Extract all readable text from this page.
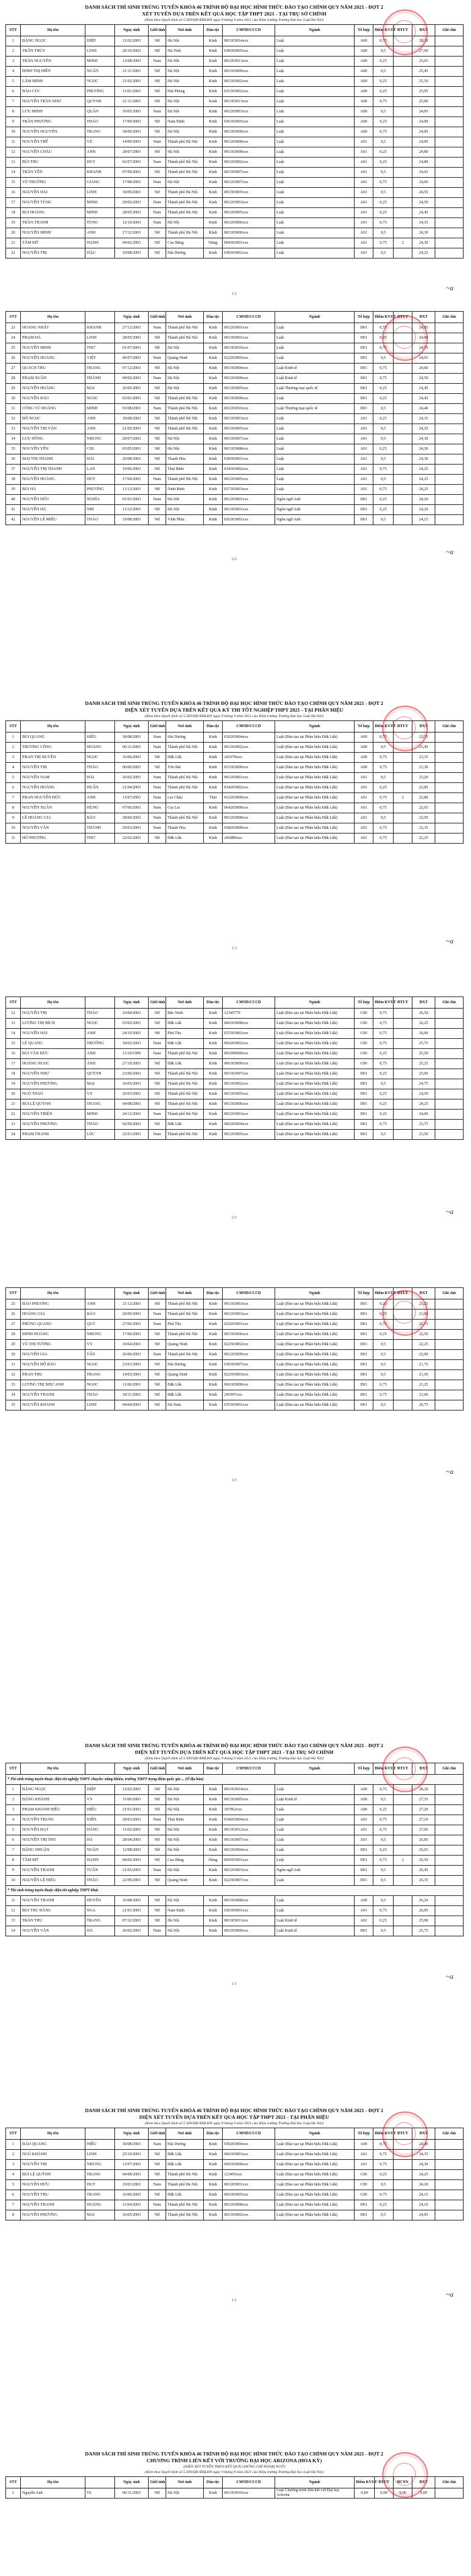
DANH SÁCH THÍ SINH TRÚNG TUYỂN KHÓA 46 TRÌNH ĐỘ ĐẠI HỌC HÌNH THỨC ĐÀO TẠO CHÍNH QUY NĂM 2021 - ĐỢT 2

XÉT TUYỂN DỰA TRÊN KẾT QUẢ HỌC TẬP THPT 2021 - TẠI TRỤ SỞ CHÍNH

(Kèm theo Quyết định số 5.569/QĐ-ĐHLHN ngày 9 tháng 9 năm 2021 của Hiệu trưởng Trường Đại học Luật Hà Nội)

STT	Họ tên		Ngày sinh	Giới tính	Nơi sinh	Dân tộc	CMND/CCCD	Ngành	Tổ hợp	Điểm KVUT	ĐTUT	ĐXT	Ghi chú
1	ĐẶNG NGỌC	DIỆP	12/02/2003	Nữ	Hà Nội	Kinh	001303014xxx	Luật	A00	0,75		28,20	
2	TRẦN THÙY	LINH	26/10/2003	Nữ	Hà Tĩnh	Kinh	038303005xxx	Luật	A00	0,5		27,60	
3	TRẦN NGUYÊN	MINH	13/08/2003	Nam	Hà Nội	Kinh	001203013xxx	Luật	A00	0,25		25,65	
4	ĐINH THỊ HIỀN	NGÂN	21/11/2003	Nữ	Hà Nội	Kinh	001303009xxx	Luật	A00	0,5		25,45	
5	LÂM MINH	NGỌC	21/02/2003	Nữ	Hà Nội	Kinh	001303002xxx	Luật	A00	0,25		25,10	
6	ĐÀO CÚC	PHƯƠNG	11/01/2003	Nữ	Hải Phòng	Kinh	031303002xxx	Luật	A00	0,25		25,05	
7	NGUYỄN TRẦN NHƯ	QUỲNH	21/11/2003	Nữ	Hà Nội	Kinh	001303013xxx	Luật	A00	0,75		25,00	
8	LƯU MINH	QUÂN	10/05/2003	Nam	Hà Nội	Kinh	001203003xxx	Luật	A00	0,5		24,95	
9	TRẦN PHƯƠNG	THẢO	17/09/2003	Nữ	Nam Định	Kinh	036303005xxx	Luật	A00	0,25		24,90	
10	NGUYỄN NGUYÊN	TRANG	18/06/2003	Nữ	Hà Nội	Kinh	001303000xxx	Luật	A00	0,75		24,85	
11	NGUYỄN THẾ	VŨ	14/09/2003	Nam	Thành phố Hà Nội	Kinh	001203008xxx	Luật	A01	0,5		24,85	
12	NGUYỄN CHÂU	ANH	28/07/2003	Nữ	Hà Nội	Kinh	001303008xxx	Luật	A01	0,25		24,80	
13	BÙI THU	DUY	02/07/2003	Nam	Thành phố Hà Nội	Kinh	001203002xxx	Luật	A01	0,25		24,80	
14	TRẦN YẾN	KHANH	07/09/2003	Nữ	Thành phố Hà Nội	Kinh	001303007xxx	Luật	A01	0,5		24,65	
15	VŨ TRƯỜNG	GIANG	17/08/2003	Nam	Hà Nội	Kinh	001203007xxx	Luật	A01	0,75		24,60	
16	NGUYỄN HẢI	LINH	18/09/2003	Nữ	Thành phố Hà Nội	Kinh	001303005xxx	Luật	A01	0,5		24,55	
17	NGUYỄN TÙNG	MINH	28/02/2003	Nam	Thành phố Hà Nội	Kinh	001203003xxx	Luật	A01	0,25		24,50	
18	BÙI HOÀNG	MINH	28/05/2003	Nam	Thành phố Hà Nội	Kinh	001203005xxx	Luật	A01	0,25		24,45	
19	TRẦN THANH	TÙNG	12/10/2003	Nam	Hà Nội	Kinh	001203006xxx	Luật	A01	0,75		24,35	
20	NGUYỄN MINH	ANH	17/12/2003	Nữ	Thành phố Hà Nội	Kinh	001303000xxx	Luật	A01	0,5		24,30	
21	TÂM MỸ	HẠNH	04/02/2003	Nữ	Cao Bằng	Nùng	004303001xxx	Luật	A01	0,75	2	24,30	
22	NGUYỄN THỊ	HẬU	10/08/2003	Nữ	Hải Dương	Kinh	030303002xxx	Luật	A01	0,5		24,25	
~a
1/2
STT	Họ tên		Ngày sinh	Giới tính	Nơi sinh	Dân tộc	CMND/CCCD	Ngành	Tổ hợp	Điểm KVUT	ĐTUT	ĐXT	Ghi chú
23	HOÀNG NHẬT	KHÁNH	27/12/2003	Nam	Thành phố Hà Nội	Kinh	001203001xxx	Luật	D01	0,75		24,95	
24	PHẠM HÀ	LINH	28/05/2003	Nữ	Thành phố Hà Nội	Kinh	001303001xxx	Luật	D01	0,25		24,90	
25	NGUYỄN MINH	THƯ	01/07/2003	Nữ	Hà Nội	Kinh	001303010xxx	Luật	D01	0,75		24,70	
26	NGUYỄN HOÀNG	VIỆT	06/07/2003	Nam	Quảng Ninh	Kinh	022203005xxx	Luật	D01	0,5		24,65	
27	QUÁCH THU	TRANG	07/12/2003	Nữ	Hà Nội	Kinh	001303004xxx	Luật Kinh tế	D01	0,75		24,60	
28	PHẠM XUÂN	THÀNH	09/02/2003	Nam	Hà Nội	Kinh	001203009xxx	Luật Kinh tế	D01	0,75		24,50	
29	NGUYỄN HOÀNG	MAI	26/05/2003	Nữ	Hà Nội	Kinh	001303005xxx	Luật Thương mại quốc tế	D01	0,25		24,45	
30	NGUYỄN BẢO	NGỌC	03/01/2003	Nữ	Thành phố Hà Nội	Kinh	001303000xxx	Luật	D01	0,25		24,45	
31	CÔNG VŨ HOÀNG	MINH	03/08/2003	Nam	Thành phố Hà Nội	Kinh	001203010xxx	Luật Thương mại quốc tế	D01	0,5		24,40	
32	ĐỖ NGỌC	ANH	18/08/2003	Nữ	Thành phố Hà Nội	Kinh	001303003xxx	Luật	A01	0,25		24,35	
33	NGUYỄN THỊ VÂN	ANH	21/05/2003	Nữ	Thành phố Hà Nội	Kinh	001303005xxx	Luật	A01	0,5		24,35	
34	LƯU HỒNG	NHUNG	29/07/2003	Nữ	Hà Nội	Kinh	001303007xxx	Luật	A01	0,5		24,30	
35	NGUYỄN YẾN	CHI	03/05/2003	Nữ	Hà Nội	Kinh	001303008xxx	Luật	A01	0,25		24,30	
36	MAI THỊ THANH	HẢI	20/08/2003	Nữ	Thanh Hóa	Kinh	038303001xxx	Luật	A01	0,5		24,30	
37	NGUYỄN THỊ THANH	LAN	19/06/2003	Nữ	Thái Bình	Kinh	034303002xxx	Luật	A01	0,75		24,25	
38	NGUYỄN HOÀNG	HUY	17/04/2003	Nam	Thành phố Hà Nội	Kinh	001203005xxx	Luật	A01	0,5		24,25	
39	BÙI HÀ	PHƯƠNG	11/12/2003	Nữ	Ninh Bình	Kinh	037303003xxx	Luật	A01	0,75		24,25	
40	NGUYỄN HỮU	NGHĨA	01/01/2003	Nam	Hà Nội	Kinh	001203001xxx	Ngôn ngữ Anh	D01	0,25		24,20	
41	NGUYỄN HÀ	NHI	11/12/2003	Nữ	Hà Nội	Kinh	001303001xxx	Ngôn ngữ Anh	D01	0,25		24,20	
42	NGUYỄN LÊ MIỀU	THẢO	19/08/2003	Nữ	Vĩnh Phúc	Kinh	026303001xxx	Ngôn ngữ Anh	D01	0,5		24,15	
~a
2/2

DANH SÁCH THÍ SINH TRÚNG TUYỂN KHÓA 46 TRÌNH ĐỘ ĐẠI HỌC HÌNH THỨC ĐÀO TẠO CHÍNH QUY NĂM 2021 - ĐỢT 2

DIỆN XÉT TUYỂN DỰA TRÊN KẾT QUẢ KỲ THI TỐT NGHIỆP THPT 2021 - TẠI PHÂN HIỆU

(Kèm theo Quyết định số 5.569/QĐ-ĐHLHN ngày 9 tháng 9 năm 2021 của Hiệu trưởng Trường Đại học Luật Hà Nội)

STT	Họ tên		Ngày sinh	Giới tính	Nơi sinh	Dân tộc	CMND/CCCD	Ngành	Tổ hợp	Điểm KVUT	ĐTUT	ĐXT	Ghi chú
1	BÙI QUANG	HIỂU	30/08/2003	Nam	Hải Dương	Kinh	030203004xxx	Luật (Đào tạo tại Phân hiệu Đắk Lắk)	A00	0,75		23,55	
2	TRƯƠNG CÔNG	HOÀNG	06/11/2003	Nam	Thành phố Hà Nội	Kinh	001203002xxx	Luật (Đào tạo tại Phân hiệu Đắk Lắk)	A00	0,5		23,45	
3	PHAN THỊ HUYỀN	NGỌC	16/06/2003	Nữ	Đắk Lắk	Kinh	241978xxx	Luật (Đào tạo tại Phân hiệu Đắk Lắk)	A00	0,75		23,35	
4	NGUYỄN THỊ	THẢO	06/06/2003	Nữ	Yên Bái	Kinh	015303000xxx	Luật (Đào tạo tại Phân hiệu Đắk Lắk)	A00	0,75		23,30	
5	NGUYỄN NAM	HẢI	26/02/2003	Nam	Thành phố Hà Nội	Kinh	001203001xxx	Luật (Đào tạo tại Phân hiệu Đắk Lắk)	A01	0,5		23,20	
6	NGUYỄN HOÀNG	HUẤN	21/04/2003	Nam	Thành phố Hà Nội	Kinh	034203002xxx	Luật (Đào tạo tại Phân hiệu Đắk Lắk)	A01	0,25		22,85	
7	PHAN NGUYỄN ĐỨC	ANH	13/07/2003	Nam	Lai Châu	Thái	012203000xxx	Luật (Đào tạo tại Phân hiệu Đắk Lắk)	A01	0,75	2	22,80	
8	NGUYỄN XUÂN	HÙNG	07/06/2003	Nam	Gia Lai	Kinh	064203000xxx	Luật (Đào tạo tại Phân hiệu Đắk Lắk)	A01	0,75		22,65	
9	LÊ HOÀNG GIA	BẢO	28/04/2003	Nam	Thành phố Hà Nội	Kinh	001203008xxx	Luật (Đào tạo tại Phân hiệu Đắk Lắk)	A01	0,5		22,50	
10	NGUYỄN VĂN	THÀNH	29/03/2003	Nam	Thanh Hóa	Kinh	038203009xxx	Luật (Đào tạo tại Phân hiệu Đắk Lắk)	A01	0,75		22,35	
11	HỒ PHƯƠNG	THƯ	22/02/2003	Nữ	Đắk Lắk	Kinh	241889xxx	Luật (Đào tạo tại Phân hiệu Đắk Lắk)	A01	0,75		22,25	
~a
1/3
STT	Họ tên		Ngày sinh	Giới tính	Nơi sinh	Dân tộc	CMND/CCCD	Ngành	Tổ hợp	Điểm KVUT	ĐTUT	ĐXT	Ghi chú
12	NGUYỄN THỊ	THẢO	16/04/2003	Nữ	Bắc Ninh	Kinh	12345779	Luật (Đào tạo tại Phân hiệu Đắk Lắk)	C00	0,75		26,50	
13	LƯƠNG THỊ BÍCH	NGỌC	03/02/2003	Nữ	Đắk Lắk	Kinh	066303008xxx	Luật (Đào tạo tại Phân hiệu Đắk Lắk)	C00	0,75		26,25	
14	NGUYỄN HẢI	ANH	24/10/2003	Nữ	Phú Thọ	Kinh	025303002xxx	Luật (Đào tạo tại Phân hiệu Đắk Lắk)	C00	0,75		26,00	
15	LÊ QUANG	TRƯỜNG	18/02/2003	Nam	Đắk Lắk	Kinh	066203002xxx	Luật (Đào tạo tại Phân hiệu Đắk Lắk)	C00	0,75		25,75	
16	BÙI VĂN ĐỨC	ANH	13/10/1999	Nam	Thành phố Hà Nội	Kinh	001099009xxx	Luật (Đào tạo tại Phân hiệu Đắk Lắk)	C00	0,25		25,50	
17	HOÀNG NGỌC	ÁNH	27/10/2003	Nữ	Đắk Lắk	Kinh	066303000xxx	Luật (Đào tạo tại Phân hiệu Đắk Lắk)	C00	0,75		25,25	
18	NGUYỄN NHƯ	QUỲNH	23/06/2003	Nữ	Thành phố Hà Nội	Kinh	001303007xxx	Luật (Đào tạo tại Phân hiệu Đắk Lắk)	D01	0,25		25,00	
19	NGUYỄN PHƯƠNG	MAI	16/05/2003	Nữ	Thành phố Hà Nội	Kinh	001303002xxx	Luật (Đào tạo tại Phân hiệu Đắk Lắk)	D01	0,5		24,75	
20	NGÔ THẢO	VY	20/03/2003	Nữ	Thành phố Hà Nội	Kinh	001303005xxx	Luật (Đào tạo tại Phân hiệu Đắk Lắk)	D01	0,25		24,50	
21	BÙI LỆ QUỲNH	TRANG	04/08/2003	Nữ	Thành phố Hà Nội	Kinh	001303006xxx	Luật (Đào tạo tại Phân hiệu Đắk Lắk)	D01	0,25		24,25	
22	NGUYỄN THIỆN	MINH	24/12/2003	Nam	Thành phố Hà Nội	Kinh	001203003xxx	Luật (Đào tạo tại Phân hiệu Đắk Lắk)	D01	0,25		24,00	
23	NGUYỄN PHƯƠNG	THẢO	02/09/2003	Nữ	Đắk Lắk	Kinh	066303004xxx	Luật (Đào tạo tại Phân hiệu Đắk Lắk)	D01	0,75		23,75	
24	PHẠM THANH	LỘC	22/01/2003	Nam	Thành phố Hà Nội	Kinh	001203005xxx	Luật (Đào tạo tại Phân hiệu Đắk Lắk)	D01	0,5		23,50	
~a
2/3
STT	Họ tên		Ngày sinh	Giới tính	Nơi sinh	Dân tộc	CMND/CCCD	Ngành	Tổ hợp	Điểm KVUT	ĐTUT	ĐXT	Ghi chú
25	ĐÀO PHƯƠNG	ANH	21/12/2003	Nữ	Thành phố Hà Nội	Kinh	001303003xxx	Luật (Đào tạo tại Phân hiệu Đắk Lắk)	D01	0,25		23,25	
26	HOÀNG GIA	BẢO	29/09/2003	Nam	Thành phố Hà Nội	Kinh	001203003xxx	Luật (Đào tạo tại Phân hiệu Đắk Lắk)	D01	0,25		23,00	
27	PHÙNG QUANG	QUÝ	27/06/2003	Nam	Phú Thọ	Kinh	025203001xxx	Luật (Đào tạo tại Phân hiệu Đắk Lắk)	D01	0,75		22,75	
28	MINH HOÀNG	NHUNG	17/06/2003	Nữ	Thành phố Hà Nội	Kinh	001303006xxx	Luật (Đào tạo tại Phân hiệu Đắk Lắk)	D01	0,25		22,50	
29	VŨ THỊ TƯỜNG	VY	10/04/2003	Nữ	Quảng Ninh	Kinh	022303002xxx	Luật (Đào tạo tại Phân hiệu Đắk Lắk)	D01	0,5		22,25	
30	NGUYỄN GIA	TẤN	26/06/2003	Nam	Thành phố Hà Nội	Kinh	001203009xxx	Luật (Đào tạo tại Phân hiệu Đắk Lắk)	D01	0,5		22,00	
31	NGUYỄN ĐỖ BẢO	NGỌC	23/01/2003	Nữ	Hải Dương	Kinh	030303007xxx	Luật (Đào tạo tại Phân hiệu Đắk Lắk)	D01	0,5		21,75	
32	PHAN THU	TRANG	14/03/2003	Nữ	Quảng Ninh	Kinh	022303003xxx	Luật (Đào tạo tại Phân hiệu Đắk Lắk)	D01	0,5		21,50	
33	LƯƠNG THỊ NHƯ ANH	NGỌC	11/06/2003	Nữ	Đắk Lắk	Kinh	066303008xxx	Luật (Đào tạo tại Phân hiệu Đắk Lắk)	D01	0,75		21,25	
34	NGUYỄN THANH	THẢO	18/11/2003	Nữ	Đắk Lắk	Kinh	241997xxx	Luật (Đào tạo tại Phân hiệu Đắk Lắk)	D01	0,75		21,00	
35	NGUYỄN KHÁNH	LINH	04/04/2003	Nữ	Hà Nam	Kinh	035303001xxx	Luật (Đào tạo tại Phân hiệu Đắk Lắk)	D01	0,5		20,75	
~a
3/3

DANH SÁCH THÍ SINH TRÚNG TUYỂN KHÓA 46 TRÌNH ĐỘ ĐẠI HỌC HÌNH THỨC ĐÀO TẠO CHÍNH QUY NĂM 2021 - ĐỢT 2

DIỆN XÉT TUYỂN DỰA TRÊN KẾT QUẢ HỌC TẬP THPT 2021 - TẠI TRỤ SỞ CHÍNH

(Kèm theo Quyết định số 5.569/QĐ-ĐHLHN ngày 9 tháng 9 năm 2021 của Hiệu trưởng Trường Đại học Luật Hà Nội)

STT	Họ tên		Ngày sinh	Giới tính	Nơi sinh	Dân tộc	CMND/CCCD	Ngành	Tổ hợp	Điểm KVUT	ĐTUT	ĐXT	Ghi chú
* Thí sinh trúng tuyển thuộc diện tốt nghiệp THPT chuyên/ năng khiếu, trường THPT trọng điểm quốc gia ... (Ở địa bàn)													
1	ĐẶNG NGỌC	DIỆP	12/02/2003	Nữ	Hà Nội	Kinh	001303014xxx	Luật	A00	0,75		28,20	
2	ĐẶNG KHÁNH	VY	15/06/2003	Nữ	Hà Nội	Kinh	001303005xxx	Luật Kinh tế	A00	0,5		27,55	
3	PHẠM KHÁNH HIỀU	HIẾU	21/01/2003	Nữ	Hà Nội	Kinh	187962xxx	Luật	A00	0,25		27,20	
4	NGUYỄN TRUNG	KIÊN	28/03/2003	Nam	Thái Bình	Kinh	034203004xxx	Luật	A01	0,75		27,10	
5	NGUYỄN ĐẠT	HẰNG	11/02/2003	Nữ	Hà Nội	Kinh	001303012xxx	Luật	A01	0,75		27,05	
6	NGUYỄN THỊ THU	HÀ	28/04/2003	Nữ	Hà Nội	Kinh	001303007xxx	Luật	A01	0,5		26,85	
7	ĐẶNG NHUẬN	NGÂN	12/08/2003	Nữ	Hà Nội	Kinh	001303004xxx	Luật	D01	0,25		26,65	
8	TÂM MỸ	HẠNH	04/02/2003	Nữ	Cao Bằng	Nùng	004303001xxx	Luật	D01	0,75	2	26,50	
9	NGUYỄN THANH	TUẤN	21/05/2003	Nam	Hà Nội	Kinh	001203003xxx	Ngôn ngữ Anh	D01	0,5		26,45	
10	NGUYỄN LỆ HIỀU	THẢO	22/09/2003	Nữ	Quảng Ninh	Kinh	022303007xxx	Luật	D01	0,5		26,35	
* Thí sinh trúng tuyển thuộc diện tốt nghiệp THPT khác													
11	NGUYỄN THANH	HUYỀN	16/08/2003	Nữ	Hà Nội	Kinh	001303008xxx	Luật	A00	0,5		26,20	
12	BÙI THU HẰNG	NGA	21/01/2003	Nữ	Nam Định	Kinh	036303001xxx	Luật	A01	0,75		26,05	
13	TRẦN THU	TRANG	07/12/2003	Nữ	Hà Nội	Kinh	001303011xxx	Luật Kinh tế	A01	0,25		25,90	
14	NGUYỄN VĂN	HÀ	26/02/2003	Nam	Hà Nội	Kinh	001203000xxx	Luật Kinh tế	D01	0,5		25,75	
~a
1/1

DANH SÁCH THÍ SINH TRÚNG TUYỂN KHÓA 46 TRÌNH ĐỘ ĐẠI HỌC HÌNH THỨC ĐÀO TẠO CHÍNH QUY NĂM 2021 - ĐỢT 2

DIỆN XÉT TUYỂN DỰA TRÊN KẾT QUẢ HỌC TẬP THPT 2021 - TẠI PHÂN HIỆU

(Kèm theo Quyết định số 5.569/QĐ-ĐHLHN ngày 9 tháng 9 năm 2021 của Hiệu trưởng Trường Đại học Luật Hà Nội)

STT	Họ tên		Ngày sinh	Giới tính	Nơi sinh	Dân tộc	CMND/CCCD	Ngành	Tổ hợp	Điểm KVUT	ĐTUT	ĐXT	Ghi chú
1	ĐÀO QUANG	HIẾU	30/08/2003	Nam	Hải Dương	Kinh	030203004xxx	Luật (Đào tạo tại Phân hiệu Đắk Lắk)	A00	0,75		24,40	
2	NGÔ KHÁNH	LINH	25/10/2003	Nữ	Đắk Lắk	Kinh	066303003xxx	Luật (Đào tạo tại Phân hiệu Đắk Lắk)	A01	0,75		24,35	
3	NGUYỄN THỊ	NHUNG	12/07/2003	Nữ	Đắk Lắk	Kinh	066303000xxx	Luật (Đào tạo tại Phân hiệu Đắk Lắk)	A01	0,75		24,30	
4	BÙI LỆ QUỲNH	TRANG	04/08/2003	Nữ	Thành phố Hà Nội	Kinh	123456xxx	Luật (Đào tạo tại Phân hiệu Đắk Lắk)	C00	0,25		24,25	
5	NGUYỄN HỮU	DUY	19/03/2003	Nam	Thành phố Hà Nội	Kinh	001203001xxx	Luật (Đào tạo tại Phân hiệu Đắk Lắk)	C00	0,5		24,20	
6	NGUYỄN THU	TRANG	16/06/2003	Nữ	Đắk Lắk	Kinh	066303005xxx	Luật (Đào tạo tại Phân hiệu Đắk Lắk)	C00	0,75		24,15	
7	NGUYỄN THANH	HOÀNG	11/04/2003	Nam	Thành phố Hà Nội	Kinh	001203008xxx	Luật (Đào tạo tại Phân hiệu Đắk Lắk)	D01	0,25		24,10	
8	NGUYỄN PHƯƠNG	MAI	16/05/2003	Nữ	Thành phố Hà Nội	Kinh	001303002xxx	Luật (Đào tạo tại Phân hiệu Đắk Lắk)	D01	0,5		24,05	
~a
1/1

DANH SÁCH THÍ SINH TRÚNG TUYỂN KHÓA 46 TRÌNH ĐỘ ĐẠI HỌC HÌNH THỨC ĐÀO TẠO CHÍNH QUY NĂM 2021 - ĐỢT 2

CHƯƠNG TRÌNH LIÊN KẾT VỚI TRƯỜNG ĐẠI HỌC ARIZONA (HOA KỲ)

(DIỆN XÉT TUYỂN THEO KẾT QUẢ CHỨNG CHỈ NGOẠI NGỮ)

(Kèm theo Quyết định số 5.569/QĐ-ĐHLHN ngày 9 tháng 9 năm 2021 của Hiệu trưởng Trường Đại học Luật Hà Nội)

STT	Họ tên		Ngày sinh	Giới tính	Nơi sinh	Dân tộc	CMND/CCCD	Ngành	Điểm KVUT	ĐTUT	ĐCNN	ĐXT	Ghi chú
1	Nguyễn Anh	Tú	06/11/2003	Nữ	Hà Nội	Kinh	001303010xxx	Luật Chương trình liên kết với Đại học Arizona	0,00	0,00	9,00	9,00	
